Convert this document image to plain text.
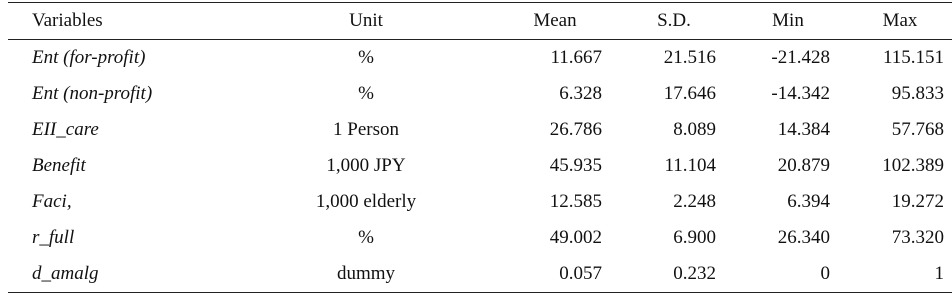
Variables	Unit	Mean	S.D.	Min	Max
Ent (for-profit)	%	11.667	21.516	-21.428	115.151
Ent (non-profit)	%	6.328	17.646	-14.342	95.833
EII_care	1 Person	26.786	8.089	14.384	57.768
Benefit	1,000 JPY	45.935	11.104	20.879	102.389
Faci,	1,000 elderly	12.585	2.248	6.394	19.272
r_full	%	49.002	6.900	26.340	73.320
d_amalg	dummy	0.057	0.232	0	1
